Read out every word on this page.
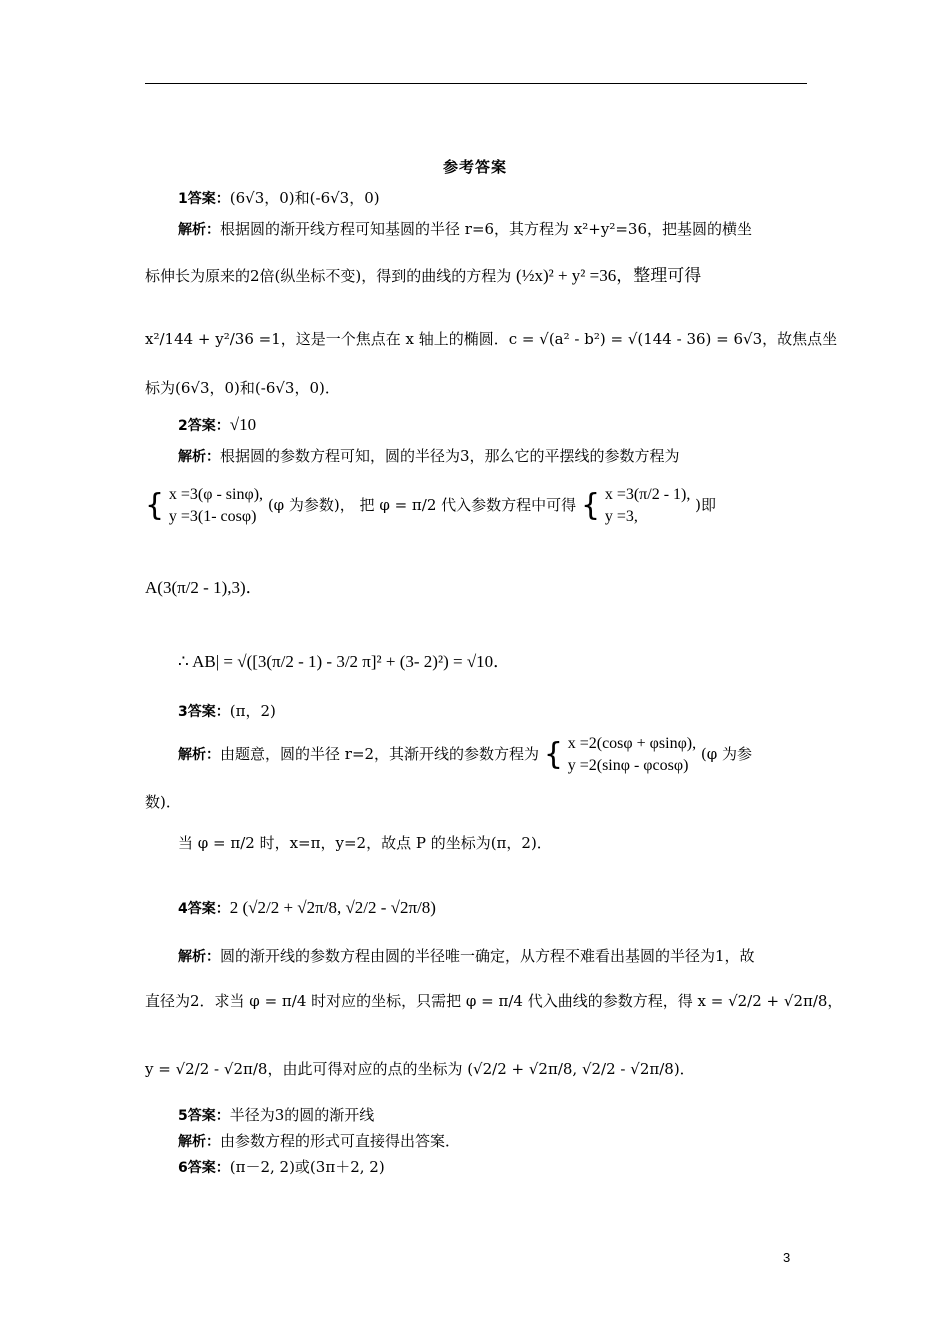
参考答案
1答案：(6√3，0)和(-6√3，0)
解析：根据圆的渐开线方程可知基圆的半径 r=6，其方程为 x²+y²=36，把基圆的横坐
标伸长为原来的2倍(纵坐标不变)，得到的曲线的方程为 (½x)² + y² =36，整理可得
x²/144 + y²/36 =1，这是一个焦点在 x 轴上的椭圆．c = √(a² - b²) = √(144 - 36) = 6√3，故焦点坐
标为(6√3，0)和(-6√3，0)．
2答案：√10
解析：根据圆的参数方程可知，圆的半径为3，那么它的平摆线的参数方程为
{ x =3(φ - sinφ),
y =3(1- cosφ)
(φ 为参数)， 把 φ = π/2 代入参数方程中可得 { x =3(π/2 - 1),
y =3,
)即
A(3(π/2 - 1),3)．
∴ AB| = √([3(π/2 - 1) - 3/2 π]² + (3- 2)²) = √10．
3答案：(π，2)
解析：由题意，圆的半径 r=2，其渐开线的参数方程为 { x =2(cosφ + φsinφ),
y =2(sinφ - φcosφ)
(φ 为参
数)．
当 φ = π/2 时，x=π，y=2，故点 P 的坐标为(π，2)．
4答案：2 (√2/2 + √2π/8, √2/2 - √2π/8)
解析：圆的渐开线的参数方程由圆的半径唯一确定，从方程不难看出基圆的半径为1，故
直径为2．求当 φ = π/4 时对应的坐标，只需把 φ = π/4 代入曲线的参数方程，得 x = √2/2 + √2π/8，
y = √2/2 - √2π/8，由此可得对应的点的坐标为 (√2/2 + √2π/8, √2/2 - √2π/8)．
5答案：半径为3的圆的渐开线
解析：由参数方程的形式可直接得出答案．
6答案：(π－2, 2)或(3π＋2, 2)
3
